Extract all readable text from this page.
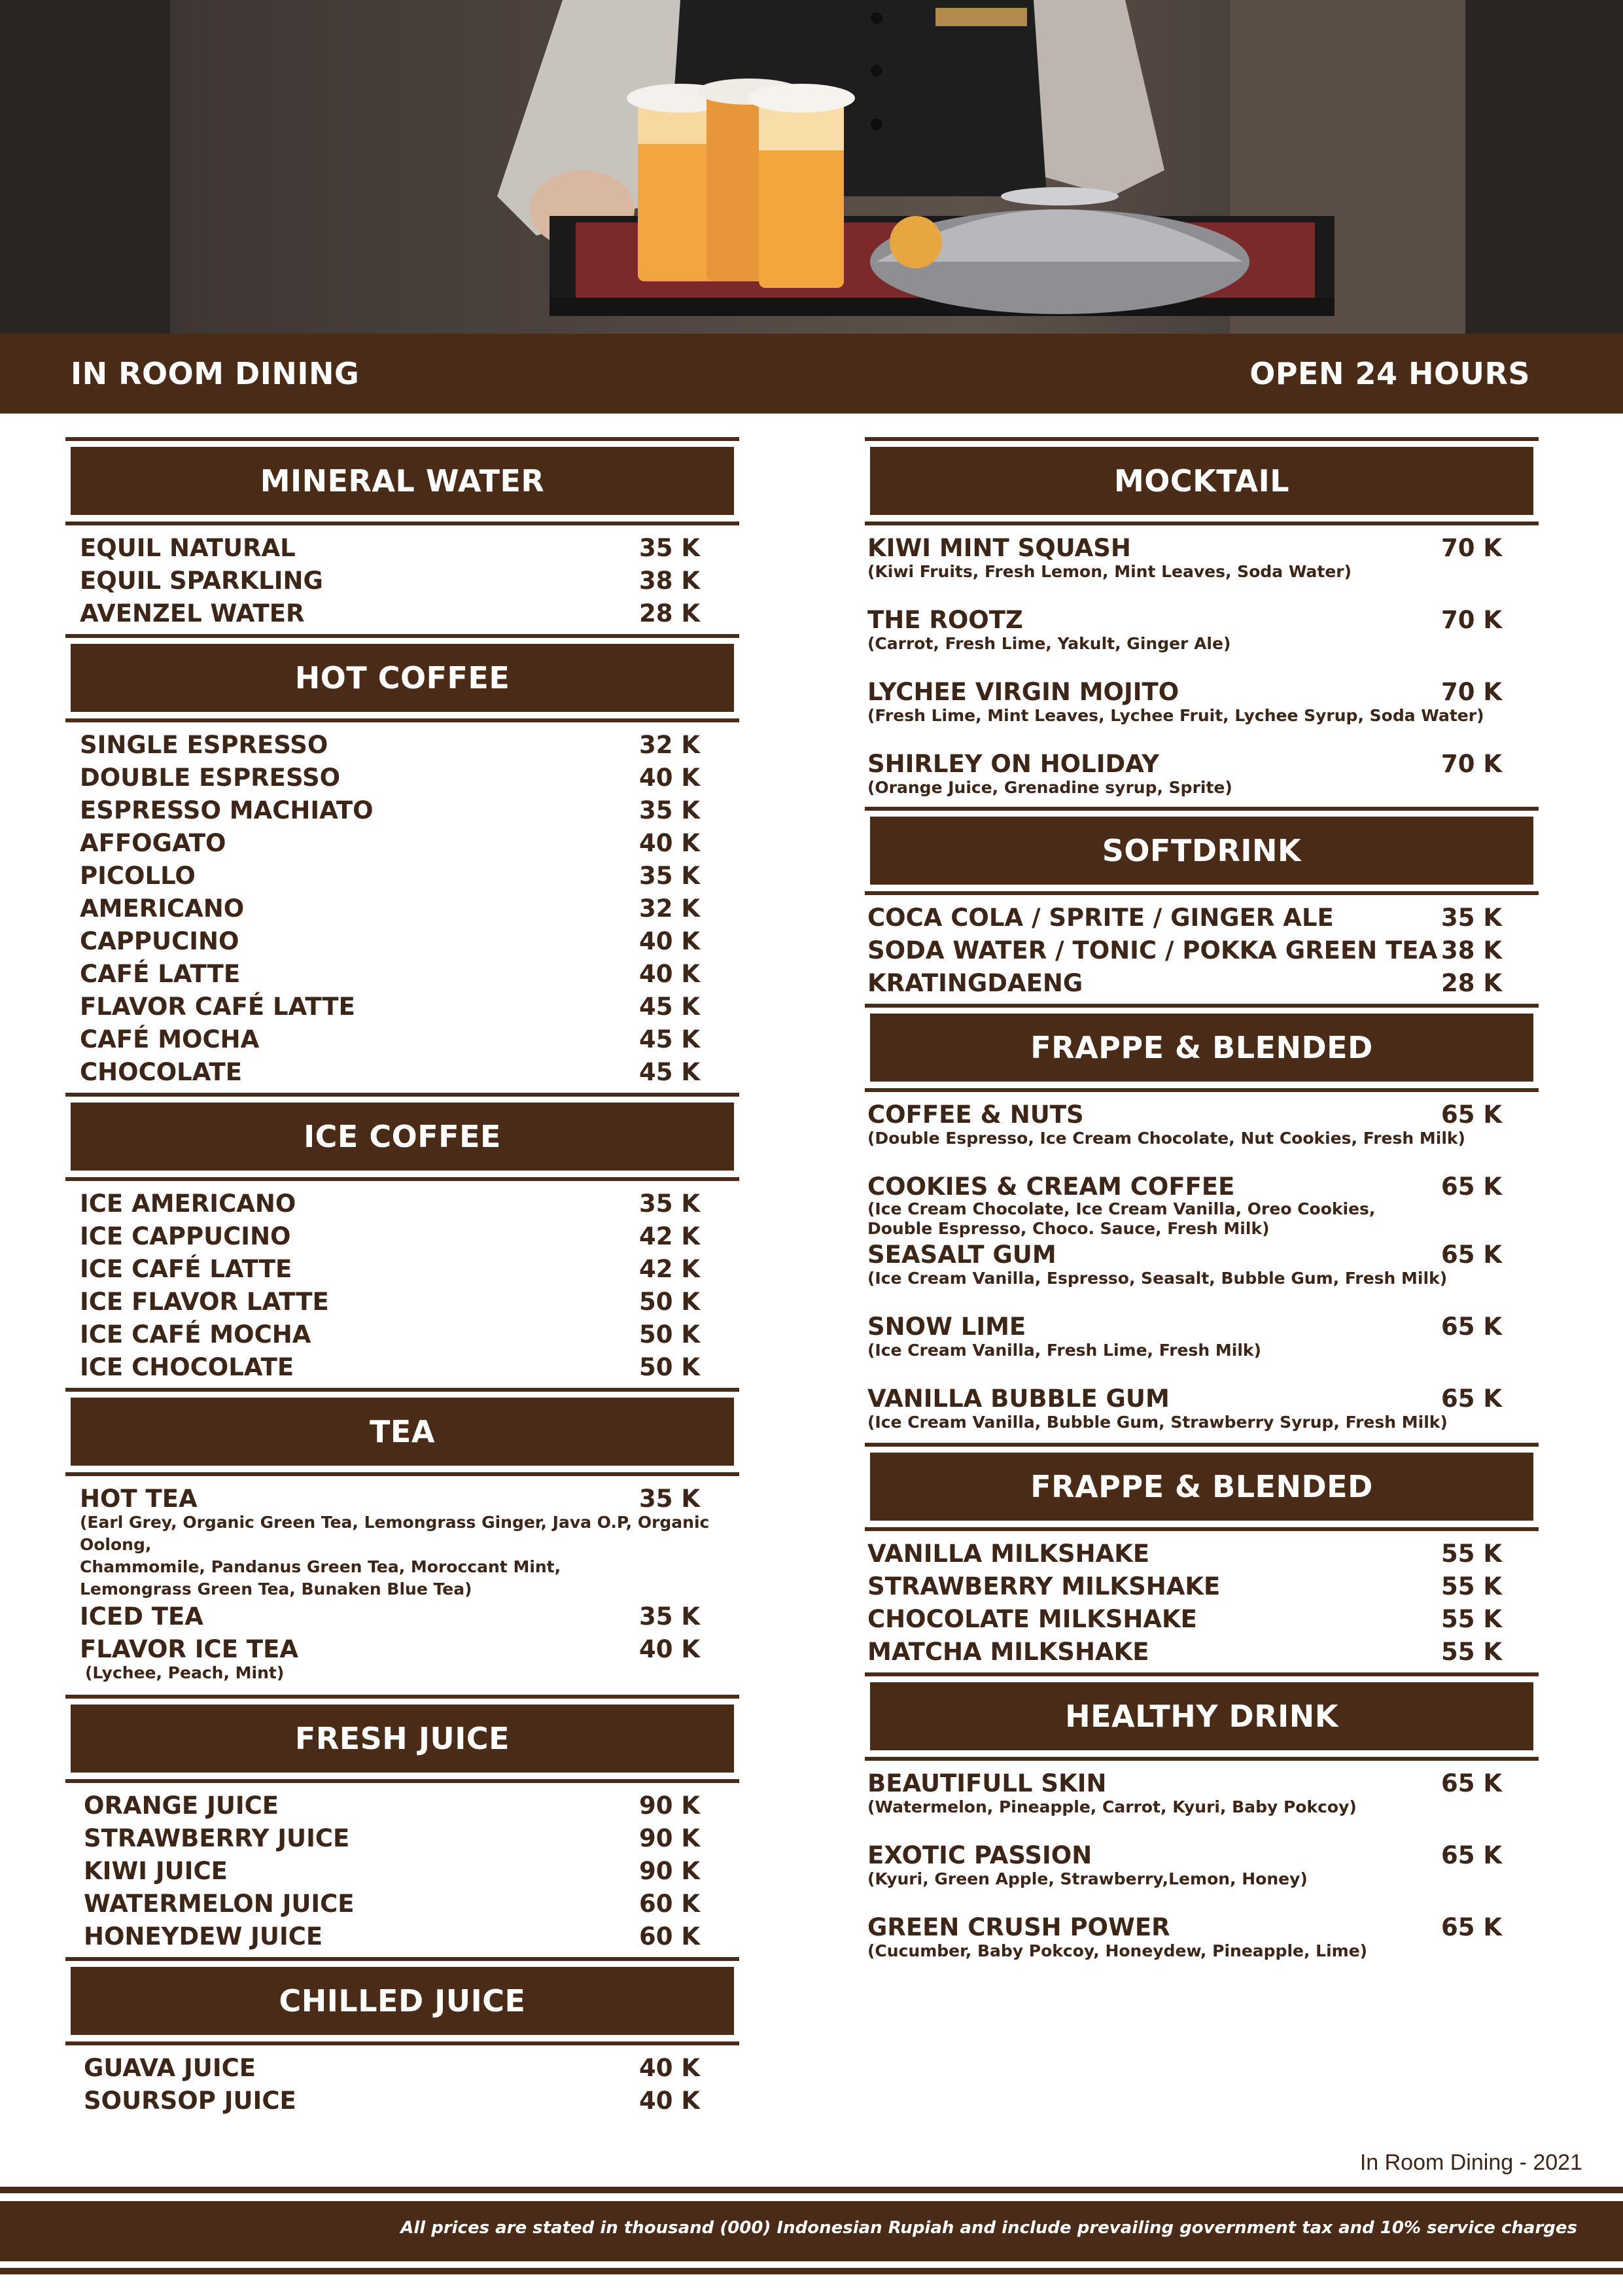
IN ROOM DINING	OPEN 24 HOURS
MINERAL WATER
EQUIL NATURAL	35 K
EQUIL SPARKLING	38 K
AVENZEL WATER	28 K
HOT COFFEE
SINGLE ESPRESSO	32 K
DOUBLE ESPRESSO	40 K
ESPRESSO MACHIATO	35 K
AFFOGATO	40 K
PICOLLO	35 K
AMERICANO	32 K
CAPPUCINO	40 K
CAFÉ LATTE	40 K
FLAVOR CAFÉ LATTE	45 K
CAFÉ MOCHA	45 K
CHOCOLATE	45 K
ICE COFFEE
ICE AMERICANO	35 K
ICE CAPPUCINO	42 K
ICE CAFÉ LATTE	42 K
ICE FLAVOR LATTE	50 K
ICE CAFÉ MOCHA	50 K
ICE CHOCOLATE	50 K
TEA
HOT TEA	35 K
(Earl Grey, Organic Green Tea, Lemongrass Ginger, Java O.P, Organic Oolong,
Chammomile, Pandanus Green Tea, Moroccant Mint,
Lemongrass Green Tea, Bunaken Blue Tea)
ICED TEA	35 K
FLAVOR ICE TEA	40 K
(Lychee, Peach, Mint)
FRESH JUICE
ORANGE JUICE	90 K
STRAWBERRY JUICE	90 K
KIWI JUICE	90 K
WATERMELON JUICE	60 K
HONEYDEW JUICE	60 K
CHILLED JUICE
GUAVA JUICE	40 K
SOURSOP JUICE	40 K
MOCKTAIL
KIWI MINT SQUASH	70 K
(Kiwi Fruits, Fresh Lemon, Mint Leaves, Soda Water)
THE ROOTZ	70 K
(Carrot, Fresh Lime, Yakult, Ginger Ale)
LYCHEE VIRGIN MOJITO	70 K
(Fresh Lime, Mint Leaves, Lychee Fruit, Lychee Syrup, Soda Water)
SHIRLEY ON HOLIDAY	70 K
(Orange Juice, Grenadine syrup, Sprite)
SOFTDRINK
COCA COLA / SPRITE / GINGER ALE	35 K
SODA WATER / TONIC / POKKA GREEN TEA 38 K
KRATINGDAENG	28 K
FRAPPE & BLENDED
COFFEE & NUTS	65 K
(Double Espresso, Ice Cream Chocolate, Nut Cookies, Fresh Milk)
COOKIES & CREAM COFFEE	65 K
(Ice Cream Chocolate, Ice Cream Vanilla, Oreo Cookies,
Double Espresso, Choco. Sauce, Fresh Milk)
SEASALT GUM	65 K
(Ice Cream Vanilla, Espresso, Seasalt, Bubble Gum, Fresh Milk)
SNOW LIME	65 K
(Ice Cream Vanilla, Fresh Lime, Fresh Milk)
VANILLA BUBBLE GUM	65 K
(Ice Cream Vanilla, Bubble Gum, Strawberry Syrup, Fresh Milk)
FRAPPE & BLENDED
VANILLA MILKSHAKE	55 K
STRAWBERRY MILKSHAKE	55 K
CHOCOLATE MILKSHAKE	55 K
MATCHA MILKSHAKE	55 K
HEALTHY DRINK
BEAUTIFULL SKIN	65 K
(Watermelon, Pineapple, Carrot, Kyuri, Baby Pokcoy)
EXOTIC PASSION	65 K
(Kyuri, Green Apple, Strawberry,Lemon, Honey)
GREEN CRUSH POWER	65 K
(Cucumber, Baby Pokcoy, Honeydew, Pineapple, Lime)
In Room Dining - 2021
All prices are stated in thousand (000) Indonesian Rupiah and include prevailing government tax and 10% service charges
